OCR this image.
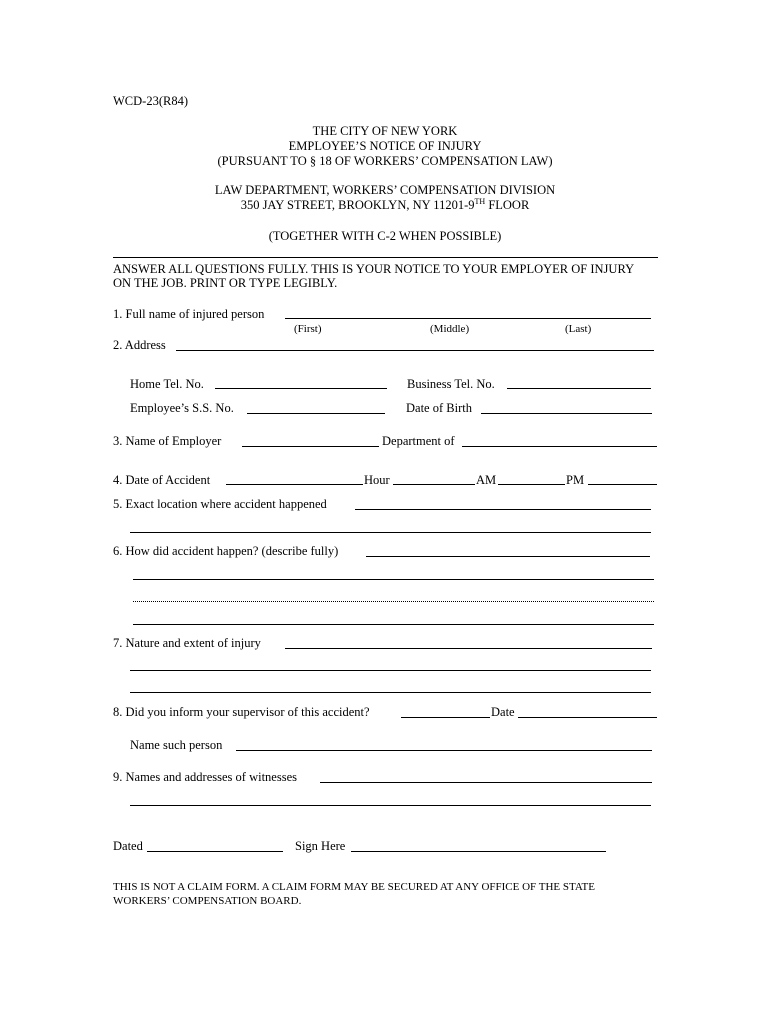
WCD-23(R84)
THE CITY OF NEW YORK
EMPLOYEE’S NOTICE OF INJURY
(PURSUANT TO § 18 OF WORKERS’ COMPENSATION LAW)
LAW DEPARTMENT, WORKERS’ COMPENSATION DIVISION
350 JAY STREET, BROOKLYN, NY 11201-9TH FLOOR
(TOGETHER WITH C-2 WHEN POSSIBLE)
ANSWER ALL QUESTIONS FULLY. THIS IS YOUR NOTICE TO YOUR EMPLOYER OF INJURY
ON THE JOB. PRINT OR TYPE LEGIBLY.
1. Full name of injured person
(First)	(Middle)	(Last)
2. Address
Home Tel. No.	Business Tel. No.
Employee’s S.S. No.	Date of Birth
3. Name of Employer	Department of
4. Date of Accident	Hour	AM	PM
5. Exact location where accident happened
6. How did accident happen? (describe fully)
7. Nature and extent of injury
8. Did you inform your supervisor of this accident?	Date
Name such person
9. Names and addresses of witnesses
Dated	Sign Here
THIS IS NOT A CLAIM FORM. A CLAIM FORM MAY BE SECURED AT ANY OFFICE OF THE STATE
WORKERS’ COMPENSATION BOARD.
